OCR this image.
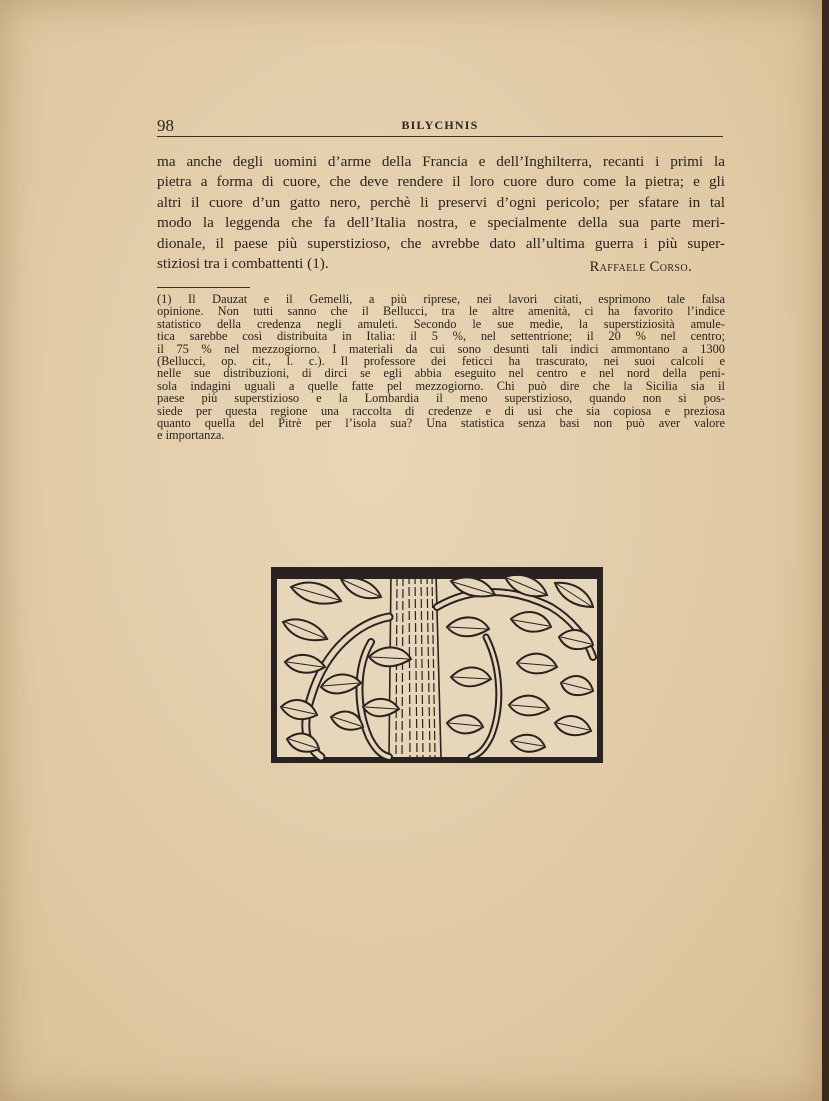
98	BILYCHNIS
ma anche degli uomini d’arme della Francia e dell’Inghilterra, recanti i primi la
pietra a forma di cuore, che deve rendere il loro cuore duro come la pietra; e gli
altri il cuore d’un gatto nero, perchè li preservi d’ogni pericolo; per sfatare in tal
modo la leggenda che fa dell’Italia nostra, e specialmente della sua parte meri-
dionale, il paese più superstizioso, che avrebbe dato all’ultima guerra i più super-
stiziosi tra i combattenti (1).	Raffaele Corso.
(1) Il Dauzat e il Gemelli, a più riprese, nei lavori citati, esprimono tale falsa
opinione. Non tutti sanno che il Bellucci, tra le altre amenità, ci ha favorito l’indice
statistico della credenza negli amuleti. Secondo le sue medie, la superstiziosità amule-
tica sarebbe così distribuita in Italia: il 5 %, nel settentrione; il 20 % nel centro;
il 75 % nel mezzogiorno. I materiali da cui sono desunti tali indici ammontano a 1300
(Bellucci, op. cit., l. c.). Il professore dei feticci ha trascurato, nei suoi calcoli e
nelle sue distribuzioni, di dirci se egli abbia eseguito nel centro e nel nord della peni-
sola indagini uguali a quelle fatte pel mezzogiorno. Chi può dire che la Sicilia sia il
paese più superstizioso e la Lombardia il meno superstizioso, quando non si pos-
siede per questa regione una raccolta di credenze e di usi che sia copiosa e preziosa
quanto quella del Pitrè per l’isola sua? Una statistica senza basi non può aver valore
e importanza.
